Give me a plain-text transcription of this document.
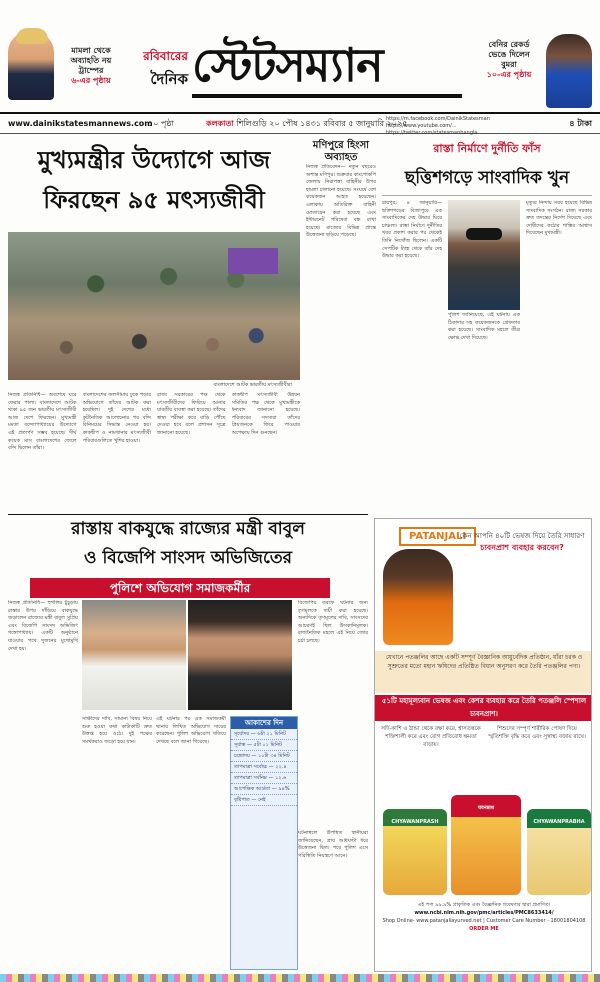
মামলা থেকে
অব্যাহতি নয়
ট্রাম্পের
৬-এর পৃষ্ঠায়
রবিবারের
দৈনিক স্টেটসম্যান	বেনির রেকর্ড
ভেঙে দিলেন
বুমরা
১০-এর পৃষ্ঠায়
www.dainikstatesmannews.com
১০ পৃষ্ঠা	কলকাতা শিলিগুড়ি ২০ পৌষ ১৪৩১ রবিবার ৫ জানুয়ারি ২০২৫
https://m.facebook.com/DainikStatesman
https://www.youtube.com/...
https://twitter.com/statesmanbangla
৪ টাকা
মুখ্যমন্ত্রীর উদ্যোগে আজ
ফিরছেন ৯৫ মৎস্যজীবী
বাংলাদেশে আটক ভারতীয় মৎস্যজীবীরা
নিজস্ব প্রতিনিধি— অবশেষে ঘরে ফেরার পালা। বাংলাদেশে আটক থাকা ৯৫ জন ভারতীয় মৎস্যজীবী আজ দেশে ফিরছেন। মুখ্যমন্ত্রী মমতা বন্দ্যোপাধ্যায়ের উদ্যোগে এই প্রত্যর্পণ সম্ভব হয়েছে। দীর্ঘ কয়েক মাস বাংলাদেশের জেলে বন্দি ছিলেন তাঁরা।
বাংলাদেশের জলসীমায় ঢুকে পড়ার অভিযোগে তাঁদের আটক করা হয়েছিল। দুই দেশের মধ্যে কূটনৈতিক আলোচনার পর বন্দি বিনিময়ের সিদ্ধান্ত নেওয়া হয়। কাকদ্বীপ ও নামখানার মৎস্যজীবী পরিবারগুলিতে খুশির হাওয়া।
রাজ্য সরকারের পক্ষ থেকে মৎস্যজীবীদের ফিরিয়ে আনার যাবতীয় ব্যবস্থা করা হয়েছে। তাঁদের স্বাস্থ্য পরীক্ষা করে বাড়ি পৌঁছে দেওয়া হবে বলে প্রশাসন সূত্রে জানানো হয়েছে।
কাকদ্বীপ মৎস্যজীবী উন্নয়ন সমিতির পক্ষ থেকে মুখ্যমন্ত্রীকে ধন্যবাদ জানানো হয়েছে। পরিবারের সদস্যরা তাঁদের প্রিয়জনকে ফিরে পাওয়ার অপেক্ষায় দিন গুনছেন।
মণিপুরে হিংসা অব্যাহত
নিজস্ব প্রতিবেদন— নতুন বছরেও অশান্ত মণিপুর। শুক্রবার কাংপোকপি জেলায় নিরাপত্তা বাহিনীর উপর হামলা চালানো হয়েছে। সংঘর্ষে বেশ কয়েকজন আহত হয়েছেন। এলাকায় অতিরিক্ত বাহিনী মোতায়েন করা হয়েছে এবং ইন্টারনেট পরিষেবা বন্ধ রাখা হয়েছে। রাজ্যের বিভিন্ন প্রান্তে উত্তেজনা ছড়িয়ে পড়েছে।
রাস্তা নির্মাণে দুর্নীতি ফাঁস
ছত্তিশগড়ে সাংবাদিক খুন
রায়পুর, ৪ জানুয়ারি— ছত্তিশগড়ের বিজাপুরে এক সাংবাদিকের দেহ উদ্ধার ঘিরে চাঞ্চল্য। রাস্তা নির্মাণে দুর্নীতির খবর প্রকাশ করার পর থেকেই তিনি নিখোঁজ ছিলেন। একটি সেপটিক ট্যাঙ্ক থেকে তাঁর দেহ উদ্ধার করা হয়েছে।
পুলিশ জানিয়েছে, এই ঘটনায় এক ঠিকাদার সহ কয়েকজনকে গ্রেফতার করা হয়েছে। সাংবাদিক মহলে তীব্র ক্ষোভ দেখা দিয়েছে।
মৃত্যুর নিন্দায় সরব হয়েছে বিভিন্ন সাংবাদিক সংগঠন। রাজ্য সরকার দ্রুত তদন্তের নির্দেশ দিয়েছে এবং দোষীদের কঠোর শাস্তির আশ্বাস দিয়েছেন মুখ্যমন্ত্রী।
রাস্তায় বাকযুদ্ধে রাজ্যের মন্ত্রী বাবুল
ও বিজেপি সাংসদ অভিজিতের
নিজস্ব প্রতিনিধি— হুগলির চুঁচুড়ায় রাস্তার উপর দাঁড়িয়ে বাকযুদ্ধে জড়ালেন রাজ্যের মন্ত্রী বাবুল সুপ্রিয় এবং বিজেপি সাংসদ অভিজিৎ গঙ্গোপাধ্যায়। একটি অনুষ্ঠানে যাওয়ার পথে দুজনের মুখোমুখি দেখা হয়।
পুলিশে অভিযোগ সমাজকর্মীর
সাক্ষীদের দাবি, সামান্য বিষয় নিয়ে শুরু হওয়া কথা কাটাকাটি দ্রুত উত্তপ্ত হয়ে ওঠে। দুই পক্ষের সমর্থকরাও জড়ো হয়ে যান।
এই ঘটনার পর এক সমাজকর্মী থানায় লিখিত অভিযোগ দায়ের করেছেন। পুলিশ অভিযোগ খতিয়ে দেখছে বলে জানা গিয়েছে।
আকাশের দিন
সূর্যোদয় — ৬টা ২১ মিনিট
সূর্যাস্ত — ৫টা ০১ মিনিট
চন্দ্রোদয় — ১০টা ৩৪ মিনিট
তাপমাত্রা সর্বোচ্চ — ২২.৪
তাপমাত্রা সর্বনিম্ন — ১২.৬
আপেক্ষিক আর্দ্রতা — ৯৪%
বৃষ্টিপাত — নেই
বিজেপির তরফে ঘটনার জন্য তৃণমূলকে দায়ী করা হয়েছে। অন্যদিকে তৃণমূলের দাবি, সাংসদের আচরণই ছিল উসকানিমূলক। রাজনৈতিক মহলে এই নিয়ে জোর চর্চা চলছে।
ঘটনাস্থলে উপস্থিত স্থানীয়রা জানিয়েছেন, প্রায় আধঘণ্টা ধরে উত্তেজনা ছিল। পরে পুলিশ এসে পরিস্থিতি নিয়ন্ত্রণে আনে।
PATANJALI
কেন আপনি ৪০টি ভেষজ দিয়ে তৈরি সাধারণ
চ্যবনপ্রাশ ব্যবহার করবেন?
যেখানে পতঞ্জলির আছে একটি সম্পূর্ণ বৈজ্ঞানিক আয়ুর্বেদিক প্রতিষ্ঠান, যাঁরা চরক ও সুশ্রুতের মতো মহান ঋষিদের প্রতিষ্ঠিত বিধান অনুসরণ করে তৈরি পতঞ্জলির পণ্য।
৫১টি মহামূল্যবান ভেষজ এবং কেশর ব্যবহার করে তৈরি পতঞ্জলি স্পেশাল চ্যবনপ্রাশ।
সর্দি-কাশি ও ঠান্ডা থেকে রক্ষা করে, শ্বাসতন্ত্রকে শক্তিশালী করে এবং রোগ প্রতিরোধ ক্ষমতা বাড়ায়।
শিশুদের সম্পূর্ণ শারীরিক পোষণ দিয়ে স্মৃতিশক্তি বৃদ্ধি করে এবং সুস্বাস্থ্য বজায় রাখে।
CHYAWANPRASH
चवनप्राश
CHYAWANPRABHA
এই পণ্য ৯৯.৯% প্রাকৃতিক এবং বৈজ্ঞানিক গবেষণার দ্বারা প্রমাণিত।
www.ncbi.nlm.nih.gov/pmc/articles/PMC8633414/
Shop Online- www.patanjaliayurved.net | Customer Care Number - 18001804108
ORDER ME
